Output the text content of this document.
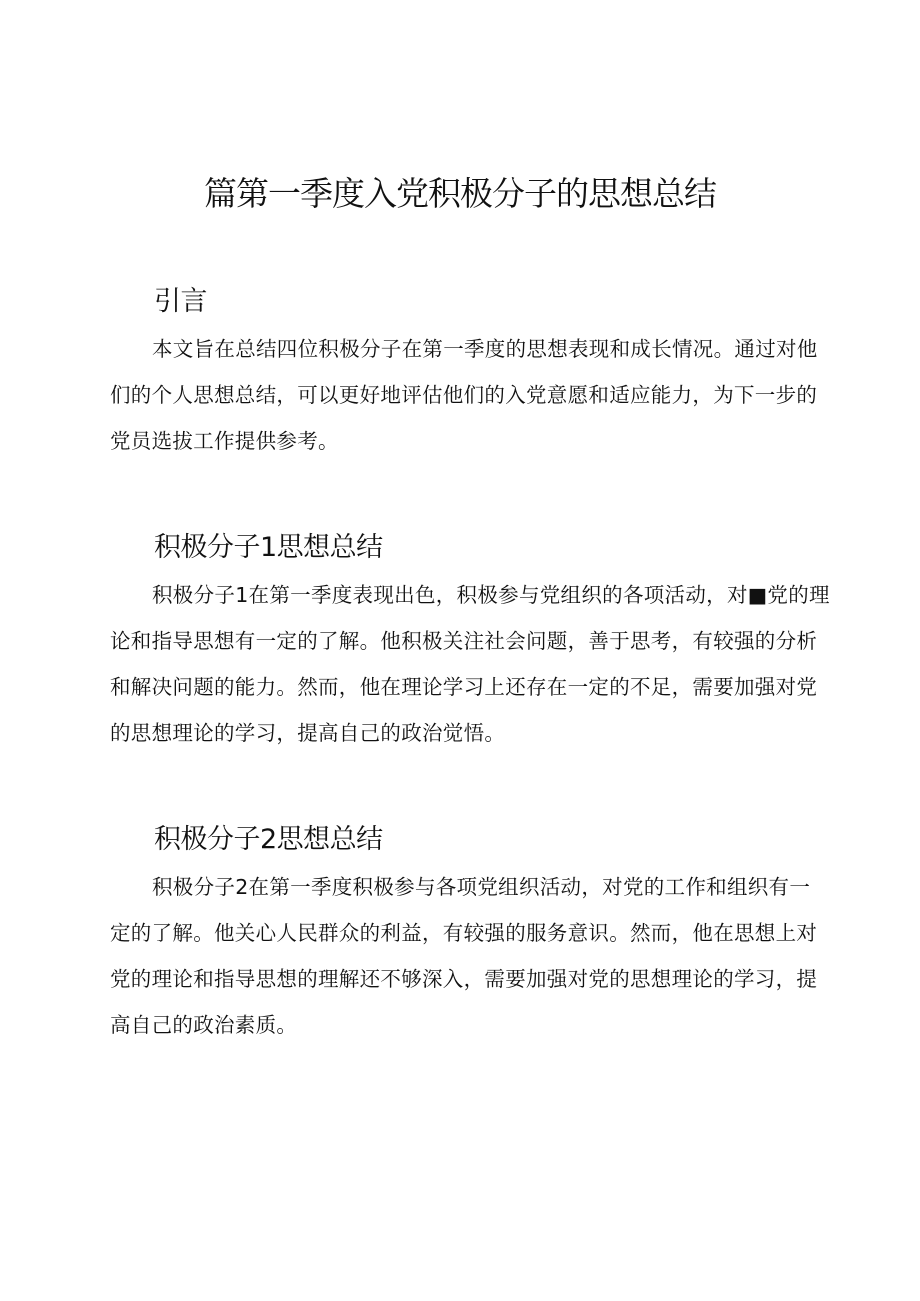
篇第一季度入党积极分子的思想总结
引言

本文旨在总结四位积极分子在第一季度的思想表现和成长情况。通过对他们的个人思想总结，可以更好地评估他们的入党意愿和适应能力，为下一步的党员选拔工作提供参考。

积极分子1思想总结

积极分子1在第一季度表现出色，积极参与党组织的各项活动，对■党的理论和指导思想有一定的了解。他积极关注社会问题，善于思考，有较强的分析和解决问题的能力。然而，他在理论学习上还存在一定的不足，需要加强对党的思想理论的学习，提高自己的政治觉悟。

积极分子2思想总结

积极分子2在第一季度积极参与各项党组织活动，对党的工作和组织有一定的了解。他关心人民群众的利益，有较强的服务意识。然而，他在思想上对党的理论和指导思想的理解还不够深入，需要加强对党的思想理论的学习，提高自己的政治素质。
